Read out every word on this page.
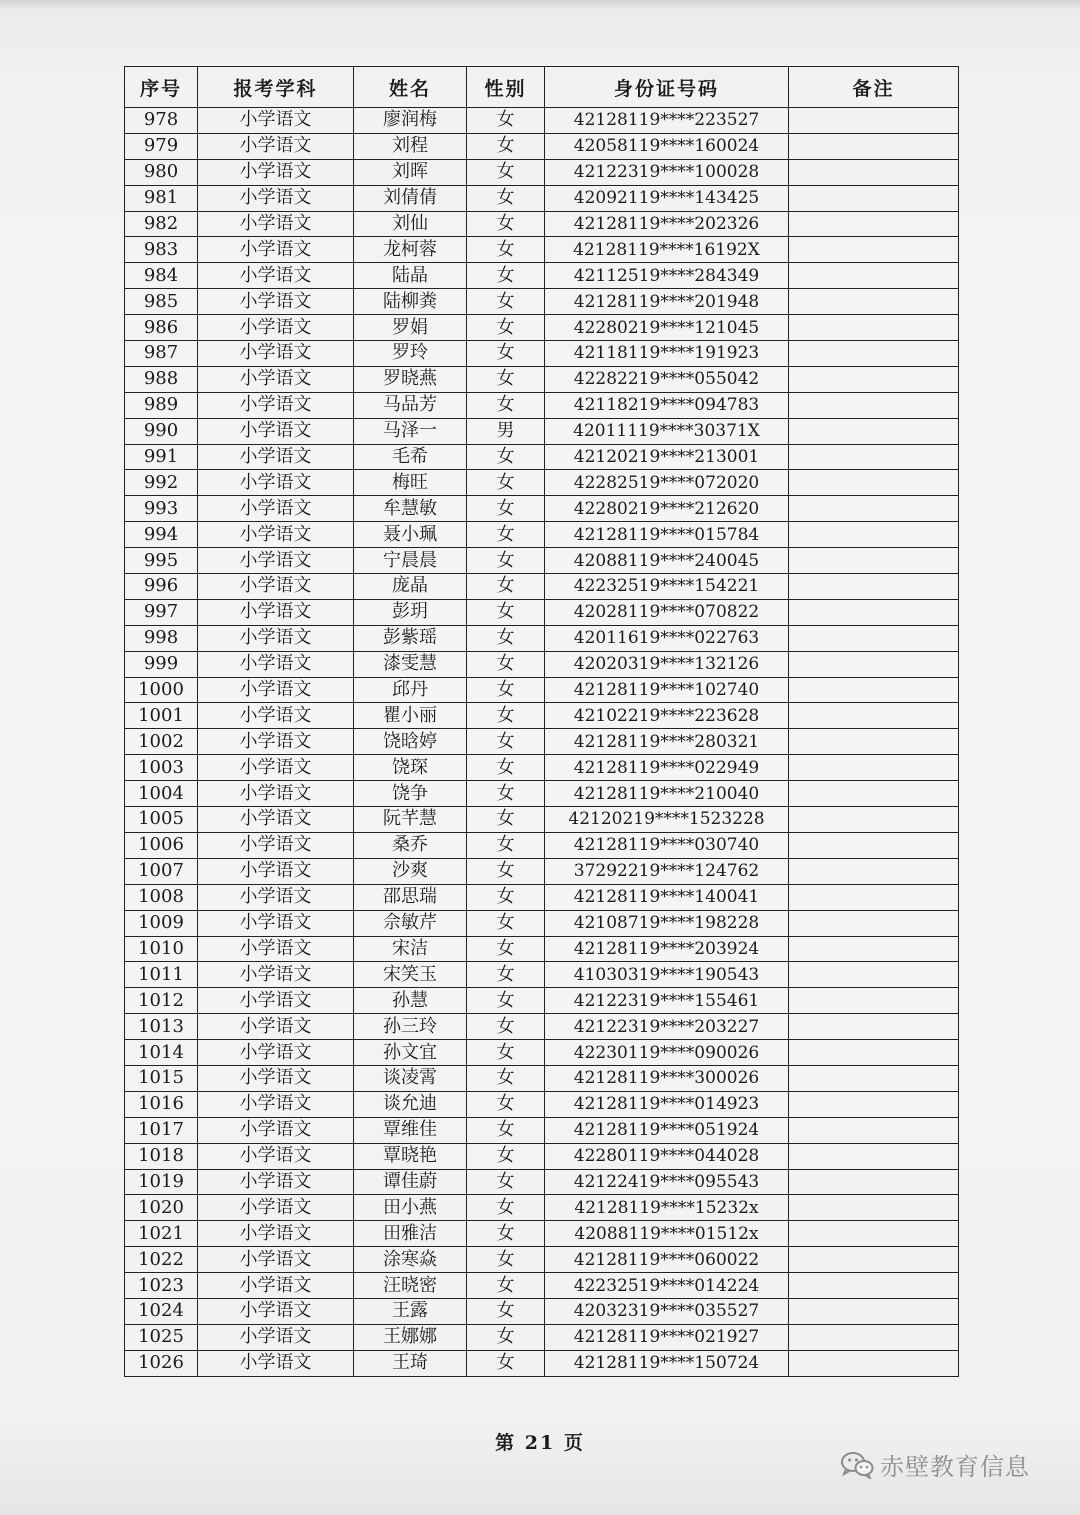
序号	报考学科	姓名	性别	身份证号码	备注
978	小学语文	廖润梅	女	42128119****223527	
979	小学语文	刘程	女	42058119****160024	
980	小学语文	刘晖	女	42122319****100028	
981	小学语文	刘倩倩	女	42092119****143425	
982	小学语文	刘仙	女	42128119****202326	
983	小学语文	龙柯蓉	女	42128119****16192X	
984	小学语文	陆晶	女	42112519****284349	
985	小学语文	陆柳粪	女	42128119****201948	
986	小学语文	罗娟	女	42280219****121045	
987	小学语文	罗玲	女	42118119****191923	
988	小学语文	罗晓燕	女	42282219****055042	
989	小学语文	马品芳	女	42118219****094783	
990	小学语文	马泽一	男	42011119****30371X	
991	小学语文	毛希	女	42120219****213001	
992	小学语文	梅旺	女	42282519****072020	
993	小学语文	牟慧敏	女	42280219****212620	
994	小学语文	聂小珮	女	42128119****015784	
995	小学语文	宁晨晨	女	42088119****240045	
996	小学语文	庞晶	女	42232519****154221	
997	小学语文	彭玥	女	42028119****070822	
998	小学语文	彭紫瑶	女	42011619****022763	
999	小学语文	漆雯慧	女	42020319****132126	
1000	小学语文	邱丹	女	42128119****102740	
1001	小学语文	瞿小丽	女	42102219****223628	
1002	小学语文	饶晗婷	女	42128119****280321	
1003	小学语文	饶琛	女	42128119****022949	
1004	小学语文	饶争	女	42128119****210040	
1005	小学语文	阮芊慧	女	42120219****1523228	
1006	小学语文	桑乔	女	42128119****030740	
1007	小学语文	沙爽	女	37292219****124762	
1008	小学语文	邵思瑞	女	42128119****140041	
1009	小学语文	佘敏芹	女	42108719****198228	
1010	小学语文	宋洁	女	42128119****203924	
1011	小学语文	宋笑玉	女	41030319****190543	
1012	小学语文	孙慧	女	42122319****155461	
1013	小学语文	孙三玲	女	42122319****203227	
1014	小学语文	孙文宜	女	42230119****090026	
1015	小学语文	谈凌霄	女	42128119****300026	
1016	小学语文	谈允迪	女	42128119****014923	
1017	小学语文	覃维佳	女	42128119****051924	
1018	小学语文	覃晓艳	女	42280119****044028	
1019	小学语文	谭佳蔚	女	42122419****095543	
1020	小学语文	田小燕	女	42128119****15232x	
1021	小学语文	田雅洁	女	42088119****01512x	
1022	小学语文	涂寒焱	女	42128119****060022	
1023	小学语文	汪晓密	女	42232519****014224	
1024	小学语文	王露	女	42032319****035527	
1025	小学语文	王娜娜	女	42128119****021927	
1026	小学语文	王琦	女	42128119****150724	
第 21 页
赤壁教育信息
